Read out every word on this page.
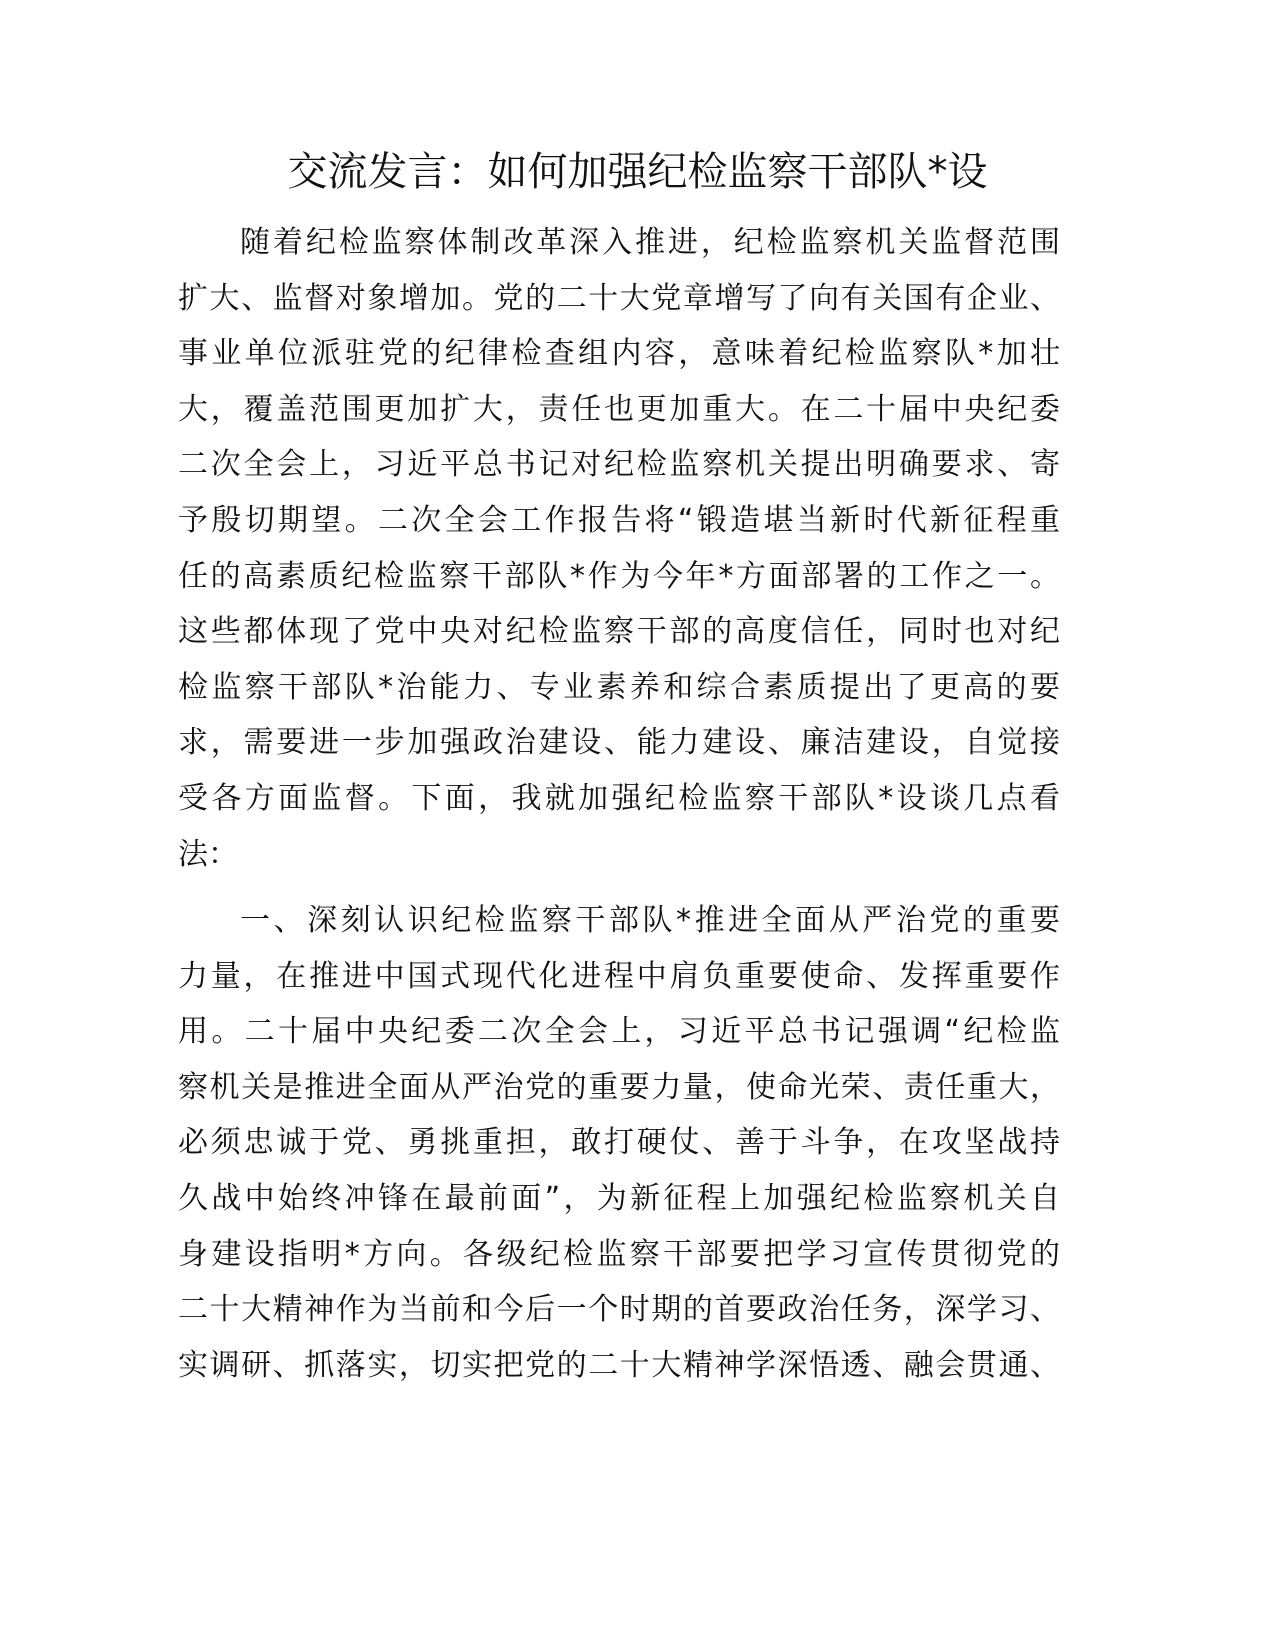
交流发言：如何加强纪检监察干部队*设
随着纪检监察体制改革深入推进，纪检监察机关监督范围
扩大、监督对象增加。党的二十大党章增写了向有关国有企业、
事业单位派驻党的纪律检查组内容，意味着纪检监察队*加壮
大，覆盖范围更加扩大，责任也更加重大。在二十届中央纪委
二次全会上，习近平总书记对纪检监察机关提出明确要求、寄
予殷切期望。二次全会工作报告将“锻造堪当新时代新征程重
任的高素质纪检监察干部队*作为今年*方面部署的工作之一。
这些都体现了党中央对纪检监察干部的高度信任，同时也对纪
检监察干部队*治能力、专业素养和综合素质提出了更高的要
求，需要进一步加强政治建设、能力建设、廉洁建设，自觉接
受各方面监督。下面，我就加强纪检监察干部队*设谈几点看
法：
一、深刻认识纪检监察干部队*推进全面从严治党的重要
力量，在推进中国式现代化进程中肩负重要使命、发挥重要作
用。二十届中央纪委二次全会上，习近平总书记强调“纪检监
察机关是推进全面从严治党的重要力量，使命光荣、责任重大，
必须忠诚于党、勇挑重担，敢打硬仗、善于斗争，在攻坚战持
久战中始终冲锋在最前面”，为新征程上加强纪检监察机关自
身建设指明*方向。各级纪检监察干部要把学习宣传贯彻党的
二十大精神作为当前和今后一个时期的首要政治任务，深学习、
实调研、抓落实，切实把党的二十大精神学深悟透、融会贯通、
